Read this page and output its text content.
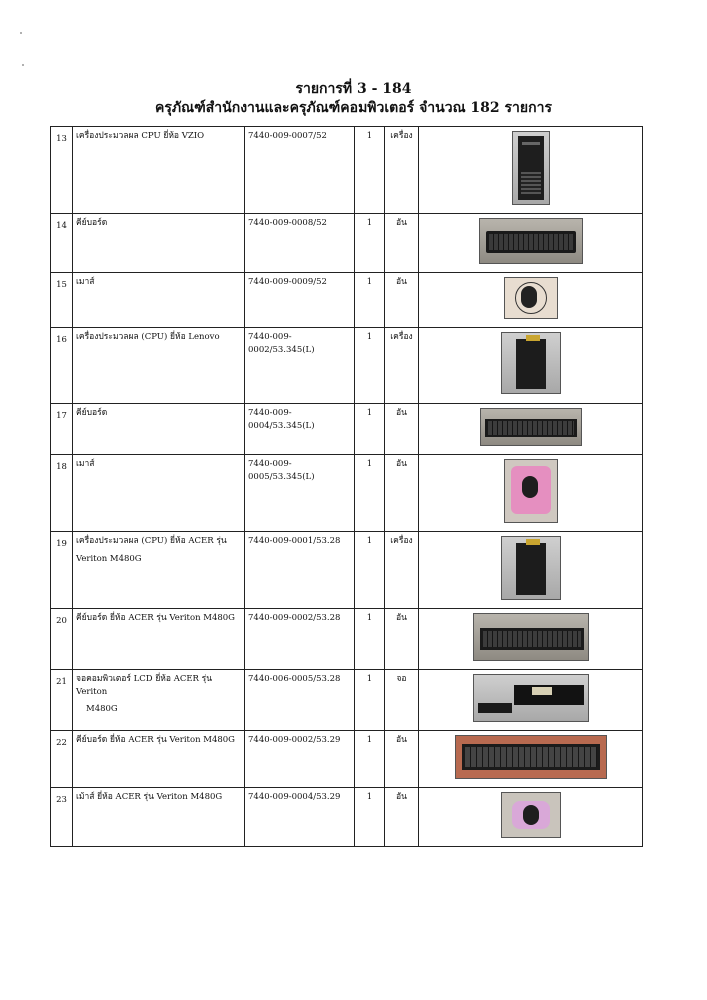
รายการที่ 3 - 184
ครุภัณฑ์สำนักงานและครุภัณฑ์คอมพิวเตอร์ จำนวณ 182 รายการ
13	เครื่องประมวลผล CPU ยี่ห้อ VZIO	7440-009-0007/52	1	เครื่อง	

14	คีย์บอร์ด	7440-009-0008/52	1	อัน	

15	เมาส์	7440-009-0009/52	1	อัน	

16	เครื่องประมวลผล (CPU) ยี่ห้อ Lenovo	7440-009-0002/53.345(L)	1	เครื่อง	

17	คีย์บอร์ด	7440-009-0004/53.345(L)	1	อัน	

18	เมาส์	7440-009-0005/53.345(L)	1	อัน	

19	เครื่องประมวลผล (CPU) ยี่ห้อ ACER รุ่น
Veriton M480G	7440-009-0001/53.28	1	เครื่อง	

20	คีย์บอร์ด ยี่ห้อ ACER รุ่น Veriton M480G	7440-009-0002/53.28	1	อัน	

21	จอคอมพิวเตอร์ LCD ยี่ห้อ ACER รุ่น Veriton
M480G	7440-006-0005/53.28	1	จอ	

22	คีย์บอร์ด ยี่ห้อ ACER รุ่น Veriton M480G	7440-009-0002/53.29	1	อัน	

23	เม้าส์ ยี่ห้อ ACER รุ่น Veriton M480G	7440-009-0004/53.29	1	อัน	
